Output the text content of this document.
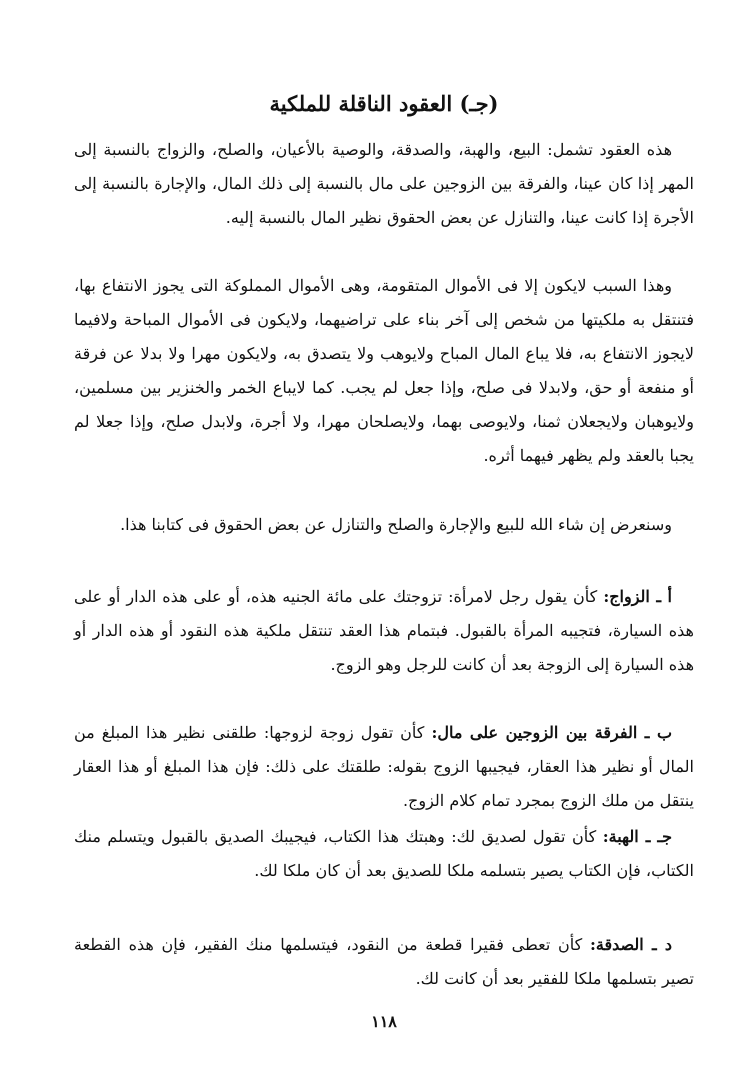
(جـ) العقود الناقلة للملكية

هذه العقود تشمل: البيع، والهبة، والصدقة، والوصية بالأعيان، والصلح، والزواج بالنسبة إلى المهر إذا كان عينا، والفرقة بين الزوجين على مال بالنسبة إلى ذلك المال، والإجارة بالنسبة إلى الأجرة إذا كانت عينا، والتنازل عن بعض الحقوق نظير المال بالنسبة إليه.

وهذا السبب لايكون إلا فى الأموال المتقومة، وهى الأموال المملوكة التى يجوز الانتفاع بها، فتنتقل به ملكيتها من شخص إلى آخر بناء على تراضيهما، ولايكون فى الأموال المباحة ولافيما لايجوز الانتفاع به، فلا يباع المال المباح ولايوهب ولا يتصدق به، ولايكون مهرا ولا بدلا عن فرقة أو منفعة أو حق، ولابدلا فى صلح، وإذا جعل لم يجب. كما لايباع الخمر والخنزير بين مسلمين، ولايوهبان ولايجعلان ثمنا، ولايوصى بهما، ولايصلحان مهرا، ولا أجرة، ولابدل صلح، وإذا جعلا لم يجبا بالعقد ولم يظهر فيهما أثره.

وسنعرض إن شاء الله للبيع والإجارة والصلح والتنازل عن بعض الحقوق فى كتابنا هذا.

أ ـ الزواج: كأن يقول رجل لامرأة: تزوجتك على مائة الجنيه هذه، أو على هذه الدار أو على هذه السيارة، فتجيبه المرأة بالقبول. فبتمام هذا العقد تنتقل ملكية هذه النقود أو هذه الدار أو هذه السيارة إلى الزوجة بعد أن كانت للرجل وهو الزوج.

ب ـ الفرقة بين الزوجين على مال: كأن تقول زوجة لزوجها: طلقنى نظير هذا المبلغ من المال أو نظير هذا العقار، فيجيبها الزوج بقوله: طلقتك على ذلك: فإن هذا المبلغ أو هذا العقار ينتقل من ملك الزوج بمجرد تمام كلام الزوج.

جـ ـ الهبة: كأن تقول لصديق لك: وهبتك هذا الكتاب، فيجيبك الصديق بالقبول ويتسلم منك الكتاب، فإن الكتاب يصير بتسلمه ملكا للصديق بعد أن كان ملكا لك.

د ـ الصدقة: كأن تعطى فقيرا قطعة من النقود، فيتسلمها منك الفقير، فإن هذه القطعة تصير بتسلمها ملكا للفقير بعد أن كانت لك.

١١٨
